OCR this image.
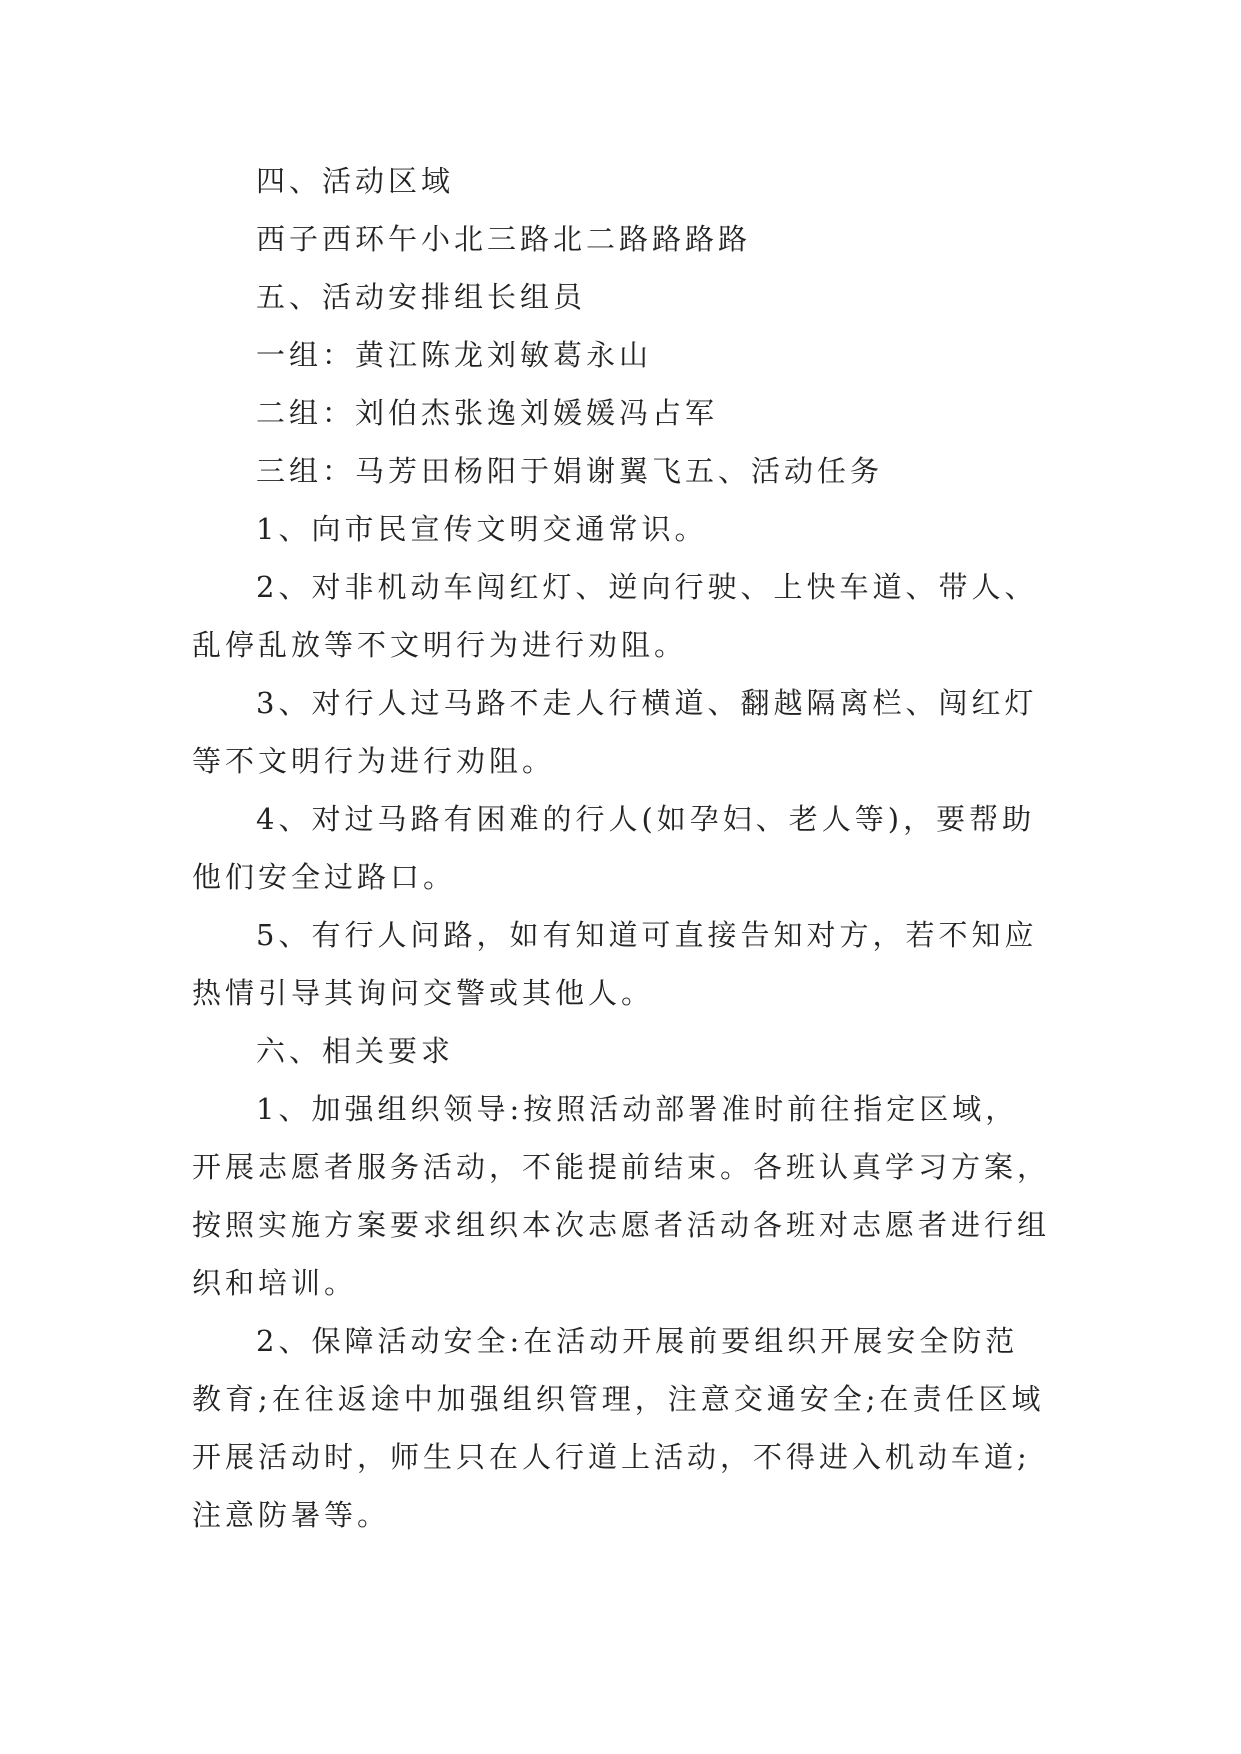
四、活动区域

西子西环午小北三路北二路路路路

五、活动安排组长组员

一组：黄江陈龙刘敏葛永山

二组：刘伯杰张逸刘媛媛冯占军

三组：马芳田杨阳于娟谢翼飞五、活动任务

1、向市民宣传文明交通常识。

2、对非机动车闯红灯、逆向行驶、上快车道、带人、乱停乱放等不文明行为进行劝阻。

3、对行人过马路不走人行横道、翻越隔离栏、闯红灯等不文明行为进行劝阻。

4、对过马路有困难的行人(如孕妇、老人等)，要帮助他们安全过路口。

5、有行人问路，如有知道可直接告知对方，若不知应热情引导其询问交警或其他人。

六、相关要求

1、加强组织领导:按照活动部署准时前往指定区域，开展志愿者服务活动，不能提前结束。各班认真学习方案，按照实施方案要求组织本次志愿者活动各班对志愿者进行组织和培训。

2、保障活动安全:在活动开展前要组织开展安全防范教育;在往返途中加强组织管理，注意交通安全;在责任区域开展活动时，师生只在人行道上活动，不得进入机动车道;注意防暑等。
